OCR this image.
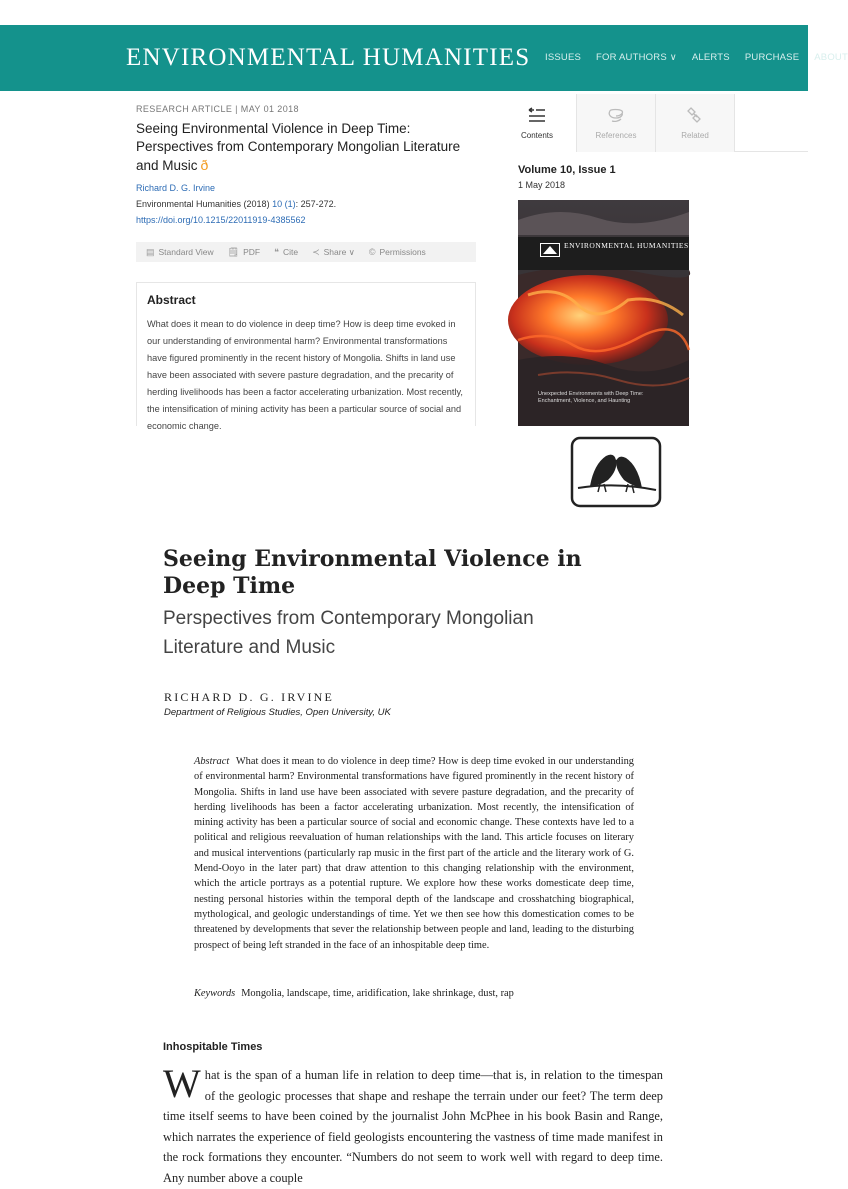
ENVIRONMENTAL HUMANITIES ISSUES FOR AUTHORS ∨ ALERTS PURCHASE ABOUT
RESEARCH ARTICLE | MAY 01 2018
Seeing Environmental Violence in Deep Time: Perspectives from Contemporary Mongolian Literature and Music ð
Richard D. G. Irvine
Environmental Humanities (2018) 10 (1): 257-272.
https://doi.org/10.1215/22011919-4385562
▤ Standard View 🗒 PDF ❝ Cite ≺ Share ∨ © Permissions
Abstract

What does it mean to do violence in deep time? How is deep time evoked in our understanding of environmental harm? Environmental transformations have figured prominently in the recent history of Mongolia. Shifts in land use have been associated with severe pasture degradation, and the precarity of herding livelihoods has been a factor accelerating urbanization. Most recently, the intensification of mining activity has been a particular source of social and economic change.

Contents	References	Related
Volume 10, Issue 1
1 May 2018
ENVIRONMENTAL HUMANITIES
Unexpected Environments with Deep Time: Enchantment, Violence, and Haunting
Seeing Environmental Violence in Deep Time
Perspectives from Contemporary Mongolian Literature and Music
RICHARD D. G. IRVINE
Department of Religious Studies, Open University, UK
Abstract What does it mean to do violence in deep time? How is deep time evoked in our understanding of environmental harm? Environmental transformations have figured prominently in the recent history of Mongolia. Shifts in land use have been associated with severe pasture degradation, and the precarity of herding livelihoods has been a factor accelerating urbanization. Most recently, the intensification of mining activity has been a particular source of social and economic change. These contexts have led to a political and religious reevaluation of human relationships with the land. This article focuses on literary and musical interventions (particularly rap music in the first part of the article and the literary work of G. Mend-Ooyo in the later part) that draw attention to this changing relationship with the environment, which the article portrays as a potential rupture. We explore how these works domesticate deep time, nesting personal histories within the temporal depth of the landscape and crosshatching biographical, mythological, and geologic understandings of time. Yet we then see how this domestication comes to be threatened by developments that sever the relationship between people and land, leading to the disturbing prospect of being left stranded in the face of an inhospitable deep time.
Keywords Mongolia, landscape, time, aridification, lake shrinkage, dust, rap
Inhospitable Times
What is the span of a human life in relation to deep time—that is, in relation to the timespan of the geologic processes that shape and reshape the terrain under our feet? The term deep time itself seems to have been coined by the journalist John McPhee in his book Basin and Range, which narrates the experience of field geologists encountering the vastness of time made manifest in the rock formations they encounter. “Numbers do not seem to work well with regard to deep time. Any number above a couple
